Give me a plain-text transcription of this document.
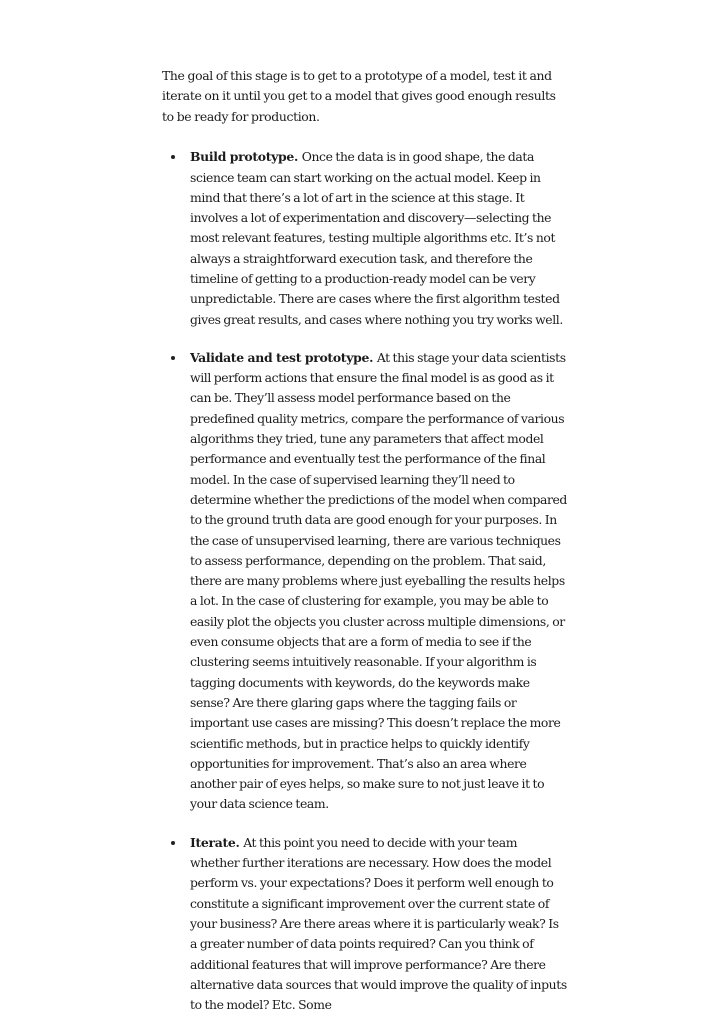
The goal of this stage is to get to a prototype of a model, test it and iterate on it until you get to a model that gives good enough results to be ready for production.

Build prototype. Once the data is in good shape, the data science team can start working on the actual model. Keep in mind that there’s a lot of art in the science at this stage. It involves a lot of experimentation and discovery—selecting the most relevant features, testing multiple algorithms etc. It’s not always a straightforward execution task, and therefore the timeline of getting to a production-ready model can be very unpredictable. There are cases where the first algorithm tested gives great results, and cases where nothing you try works well.
Validate and test prototype. At this stage your data scientists will perform actions that ensure the final model is as good as it can be. They’ll assess model performance based on the predefined quality metrics, compare the performance of various algorithms they tried, tune any parameters that affect model performance and eventually test the performance of the final model. In the case of supervised learning they’ll need to determine whether the predictions of the model when compared to the ground truth data are good enough for your purposes. In the case of unsupervised learning, there are various techniques to assess performance, depending on the problem. That said, there are many problems where just eyeballing the results helps a lot. In the case of clustering for example, you may be able to easily plot the objects you cluster across multiple dimensions, or even consume objects that are a form of media to see if the clustering seems intuitively reasonable. If your algorithm is tagging documents with keywords, do the keywords make sense? Are there glaring gaps where the tagging fails or important use cases are missing? This doesn’t replace the more scientific methods, but in practice helps to quickly identify opportunities for improvement. That’s also an area where another pair of eyes helps, so make sure to not just leave it to your data science team.
Iterate. At this point you need to decide with your team whether further iterations are necessary. How does the model perform vs. your expectations? Does it perform well enough to constitute a significant improvement over the current state of your business? Are there areas where it is particularly weak? Is a greater number of data points required? Can you think of additional features that will improve performance? Are there alternative data sources that would improve the quality of inputs to the model? Etc. Some
